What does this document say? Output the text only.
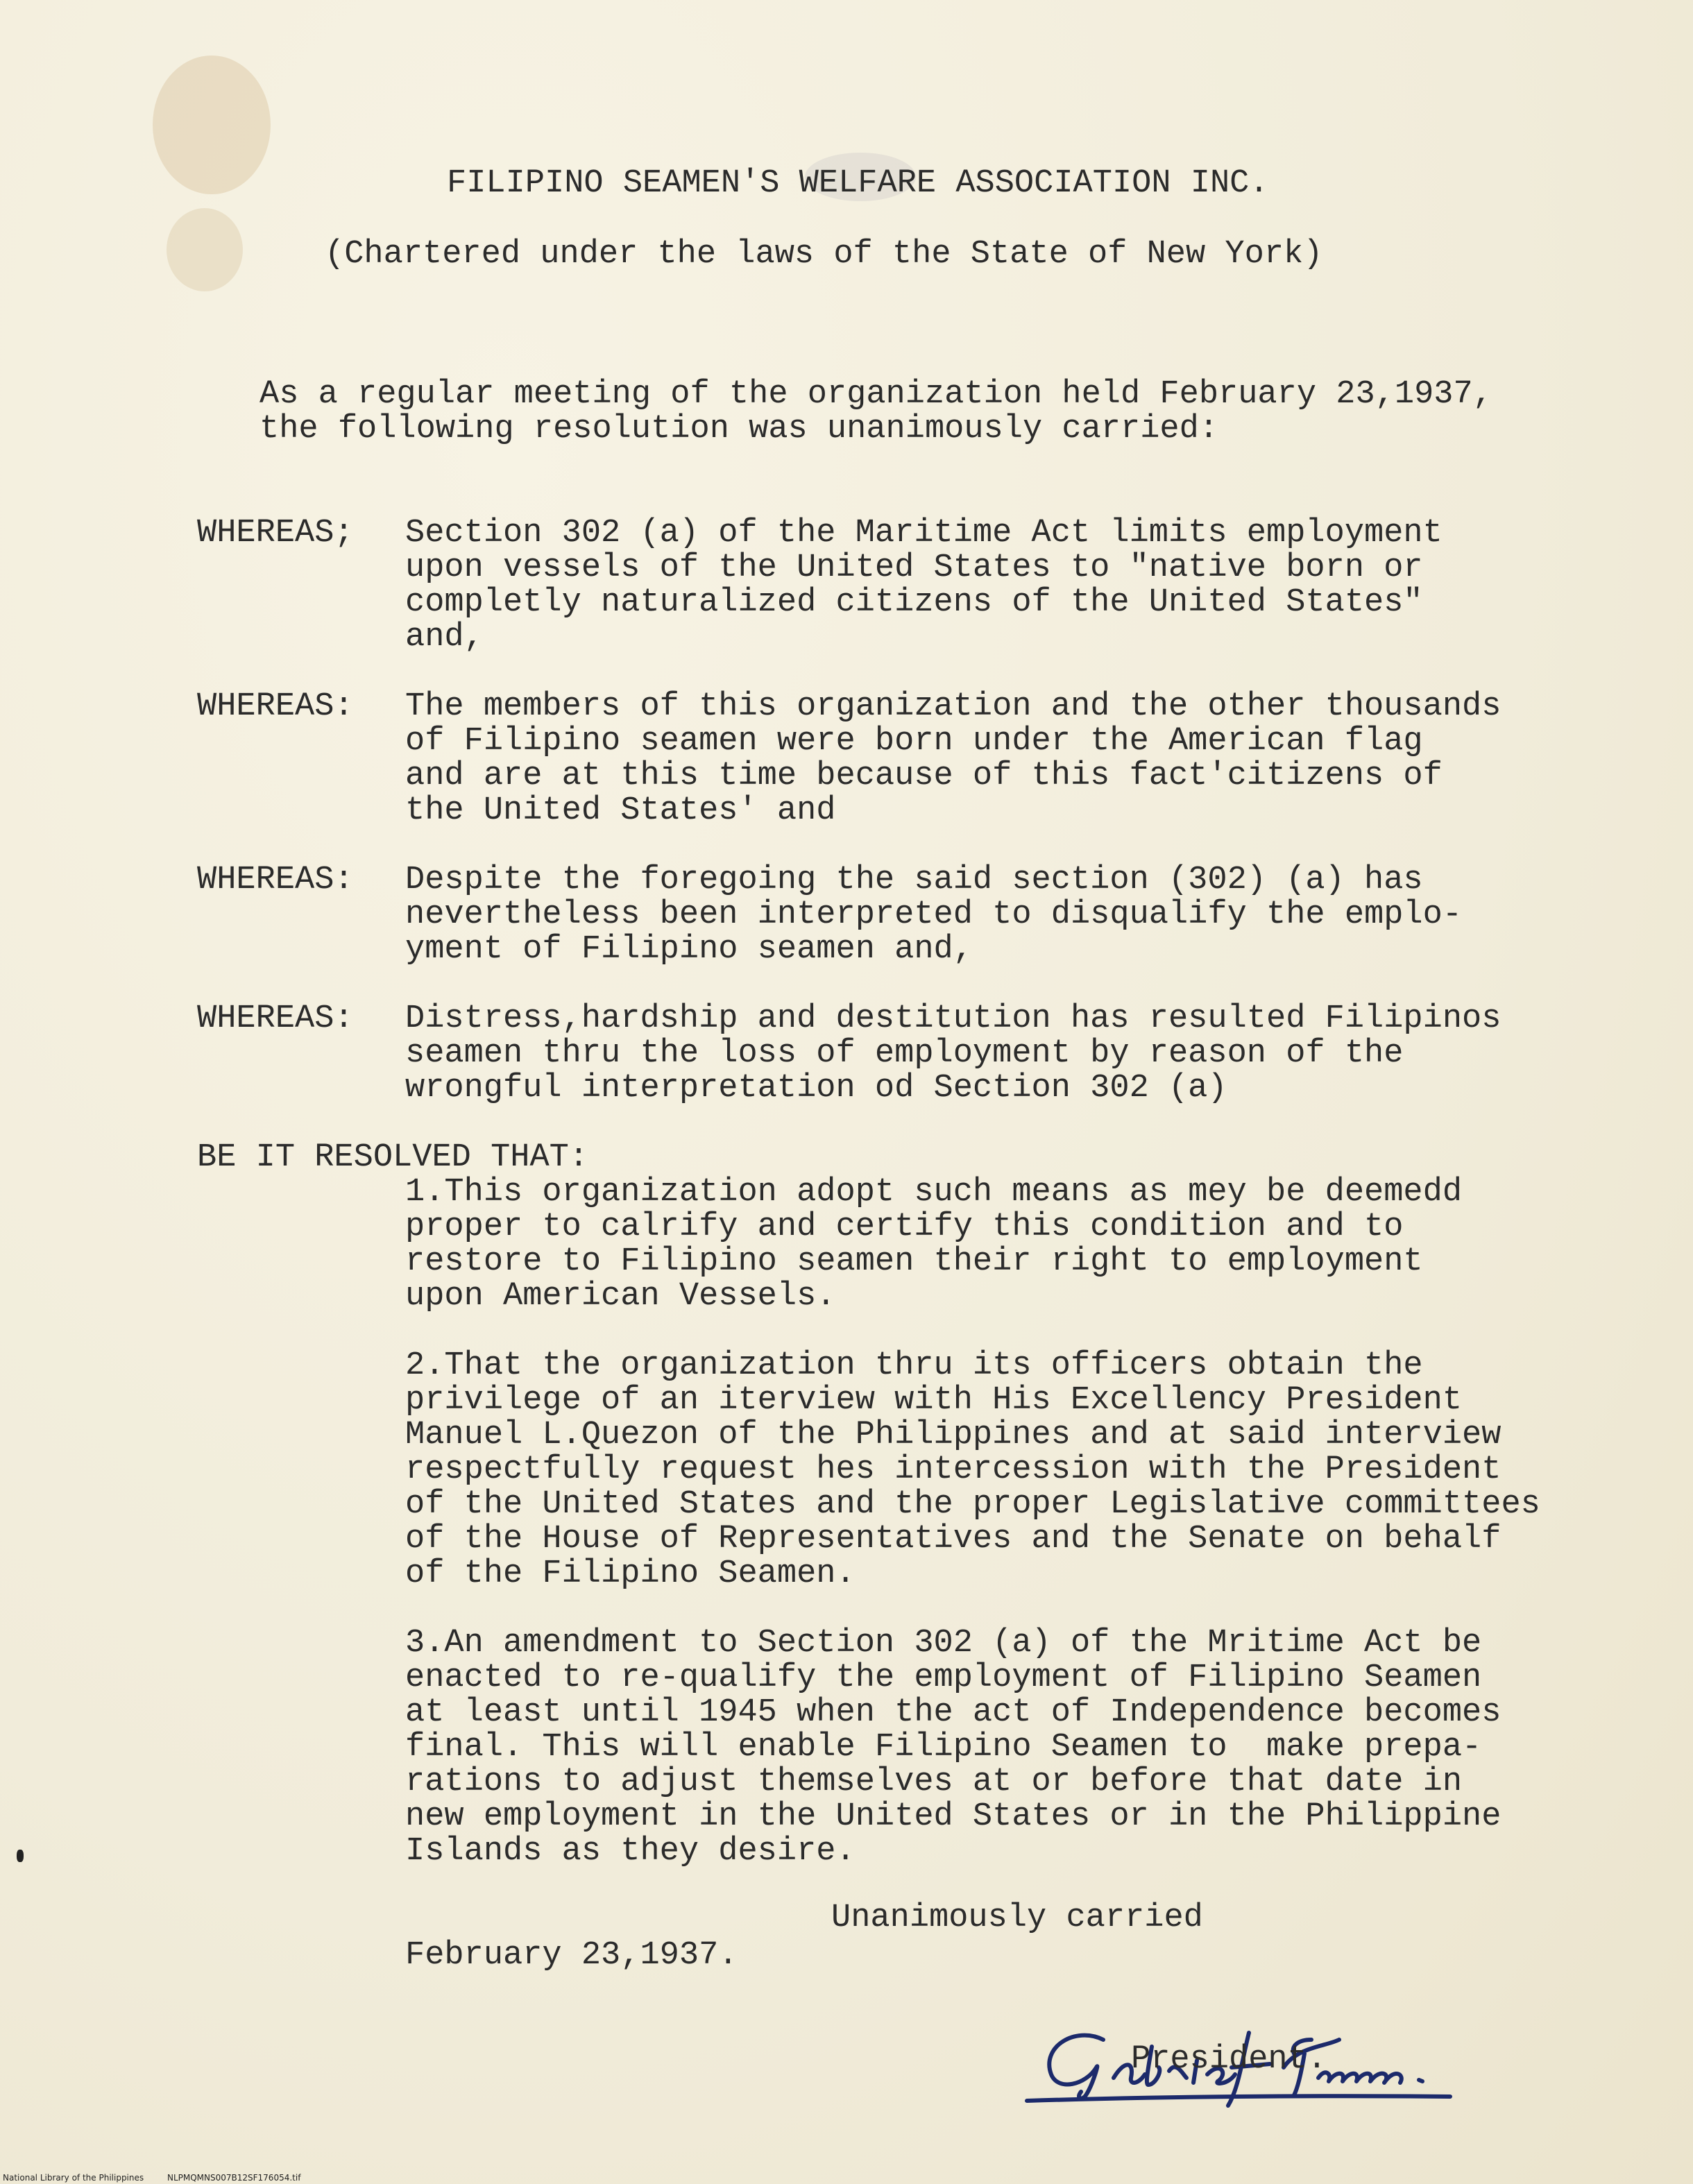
FILIPINO SEAMEN'S WELFARE ASSOCIATION INC.
(Chartered under the laws of the State of New York)
As a regular meeting of the organization held February 23,1937,
the following resolution was unanimously carried:
WHEREAS; Section 302 (a) of the Maritime Act limits employment
upon vessels of the United States to "native born or
completly naturalized citizens of the United States"
and,
WHEREAS: The members of this organization and the other thousands
of Filipino seamen were born under the American flag
and are at this time because of this fact'citizens of
the United States' and
WHEREAS: Despite the foregoing the said section (302) (a) has
nevertheless been interpreted to disqualify the emplo-
yment of Filipino seamen and,
WHEREAS: Distress,hardship and destitution has resulted Filipinos
seamen thru the loss of employment by reason of the
wrongful interpretation od Section 302 (a)
BE IT RESOLVED THAT:
1.This organization adopt such means as mey be deemedd
proper to calrify and certify this condition and to
restore to Filipino seamen their right to employment
upon American Vessels.
2.That the organization thru its officers obtain the
privilege of an iterview with His Excellency President
Manuel L.Quezon of the Philippines and at said interview
respectfully request hes intercession with the President
of the United States and the proper Legislative committees
of the House of Representatives and the Senate on behalf
of the Filipino Seamen.
3.An amendment to Section 302 (a) of the Mritime Act be
enacted to re-qualify the employment of Filipino Seamen
at least until 1945 when the act of Independence becomes
final. This will enable Filipino Seamen to  make prepa-
rations to adjust themselves at or before that date in
new employment in the United States or in the Philippine
Islands as they desire.
Unanimously carried
February 23,1937.
President.
National Library of the Philippines	NLPMQMNS007B12SF176054.tif
